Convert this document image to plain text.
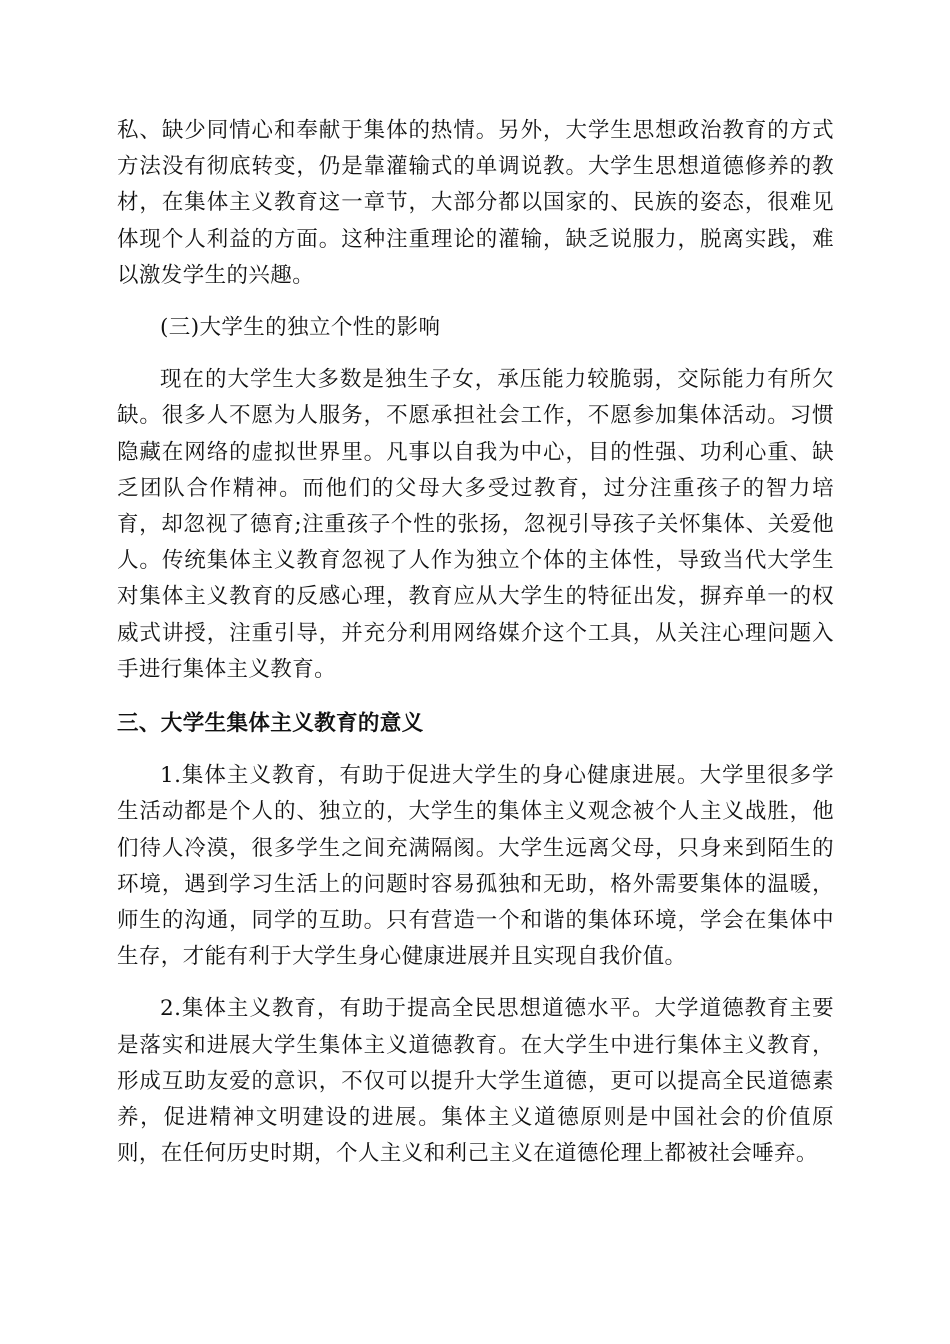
私、缺少同情心和奉献于集体的热情。另外，大学生思想政治教育的方式方法没有彻底转变，仍是靠灌输式的单调说教。大学生思想道德修养的教材，在集体主义教育这一章节，大部分都以国家的、民族的姿态，很难见体现个人利益的方面。这种注重理论的灌输，缺乏说服力，脱离实践，难以激发学生的兴趣。

(三)大学生的独立个性的影响

现在的大学生大多数是独生子女，承压能力较脆弱，交际能力有所欠缺。很多人不愿为人服务，不愿承担社会工作，不愿参加集体活动。习惯隐藏在网络的虚拟世界里。凡事以自我为中心，目的性强、功利心重、缺乏团队合作精神。而他们的父母大多受过教育，过分注重孩子的智力培育，却忽视了德育;注重孩子个性的张扬，忽视引导孩子关怀集体、关爱他人。传统集体主义教育忽视了人作为独立个体的主体性，导致当代大学生对集体主义教育的反感心理，教育应从大学生的特征出发，摒弃单一的权威式讲授，注重引导，并充分利用网络媒介这个工具，从关注心理问题入手进行集体主义教育。

三、大学生集体主义教育的意义

1.集体主义教育，有助于促进大学生的身心健康进展。大学里很多学生活动都是个人的、独立的，大学生的集体主义观念被个人主义战胜，他们待人冷漠，很多学生之间充满隔阂。大学生远离父母，只身来到陌生的环境，遇到学习生活上的问题时容易孤独和无助，格外需要集体的温暖，师生的沟通，同学的互助。只有营造一个和谐的集体环境，学会在集体中生存，才能有利于大学生身心健康进展并且实现自我价值。

2.集体主义教育，有助于提高全民思想道德水平。大学道德教育主要是落实和进展大学生集体主义道德教育。在大学生中进行集体主义教育，形成互助友爱的意识，不仅可以提升大学生道德，更可以提高全民道德素养，促进精神文明建设的进展。集体主义道德原则是中国社会的价值原则，在任何历史时期，个人主义和利己主义在道德伦理上都被社会唾弃。
